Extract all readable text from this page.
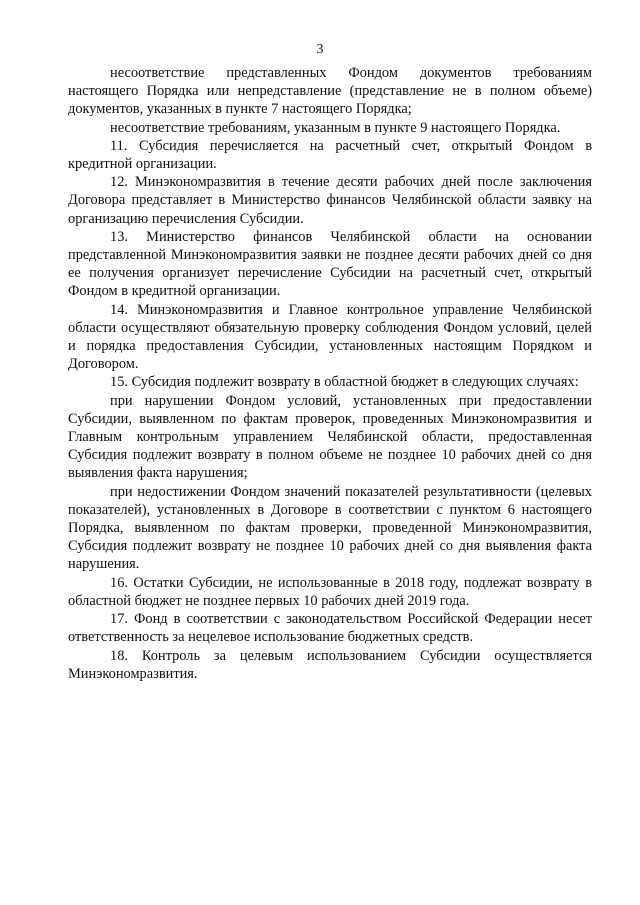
3

несоответствие представленных Фондом документов требованиям настоящего Порядка или непредставление (представление не в полном объеме) документов, указанных в пункте 7 настоящего Порядка;

несоответствие требованиям, указанным в пункте 9 настоящего Порядка.

11. Субсидия перечисляется на расчетный счет, открытый Фондом в кредитной организации.

12. Минэкономразвития в течение десяти рабочих дней после заключения Договора представляет в Министерство финансов Челябинской области заявку на организацию перечисления Субсидии.

13. Министерство финансов Челябинской области на основании представленной Минэкономразвития заявки не позднее десяти рабочих дней со дня ее получения организует перечисление Субсидии на расчетный счет, открытый Фондом в кредитной организации.

14. Минэкономразвития и Главное контрольное управление Челябинской области осуществляют обязательную проверку соблюдения Фондом условий, целей и порядка предоставления Субсидии, установленных настоящим Порядком и Договором.

15. Субсидия подлежит возврату в областной бюджет в следующих случаях:

при нарушении Фондом условий, установленных при предоставлении Субсидии, выявленном по фактам проверок, проведенных Минэкономразвития и Главным контрольным управлением Челябинской области, предоставленная Субсидия подлежит возврату в полном объеме не позднее 10 рабочих дней со дня выявления факта нарушения;

при недостижении Фондом значений показателей результативности (целевых показателей), установленных в Договоре в соответствии с пунктом 6 настоящего Порядка, выявленном по фактам проверки, проведенной Минэкономразвития, Субсидия подлежит возврату не позднее 10 рабочих дней со дня выявления факта нарушения.

16. Остатки Субсидии, не использованные в 2018 году, подлежат возврату в областной бюджет не позднее первых 10 рабочих дней 2019 года.

17. Фонд в соответствии с законодательством Российской Федерации несет ответственность за нецелевое использование бюджетных средств.

18. Контроль за целевым использованием Субсидии осуществляется Минэкономразвития.
